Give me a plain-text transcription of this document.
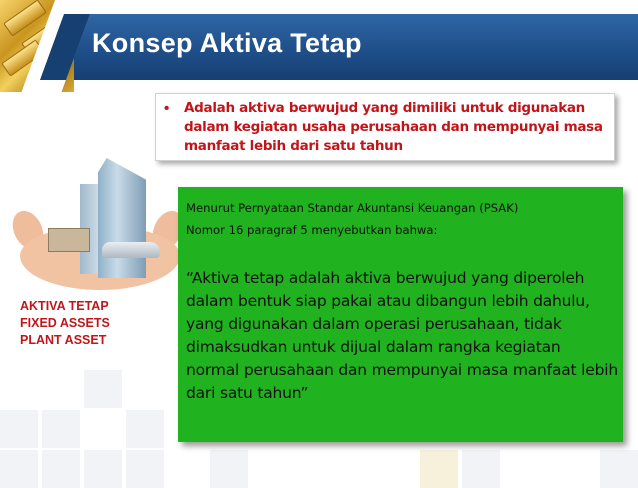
Konsep Aktiva Tetap
• Adalah aktiva berwujud yang dimiliki untuk digunakan dalam kegiatan usaha perusahaan dan mempunyai masa manfaat lebih dari satu tahun
AKTIVA TETAP
FIXED ASSETS
PLANT ASSET
Menurut Pernyataan Standar Akuntansi Keuangan (PSAK)
Nomor 16 paragraf 5 menyebutkan bahwa:
“Aktiva tetap adalah aktiva berwujud yang diperoleh dalam bentuk siap pakai atau dibangun lebih dahulu, yang digunakan dalam operasi perusahaan, tidak dimaksudkan untuk dijual dalam rangka kegiatan normal perusahaan dan mempunyai masa manfaat lebih dari satu tahun”
